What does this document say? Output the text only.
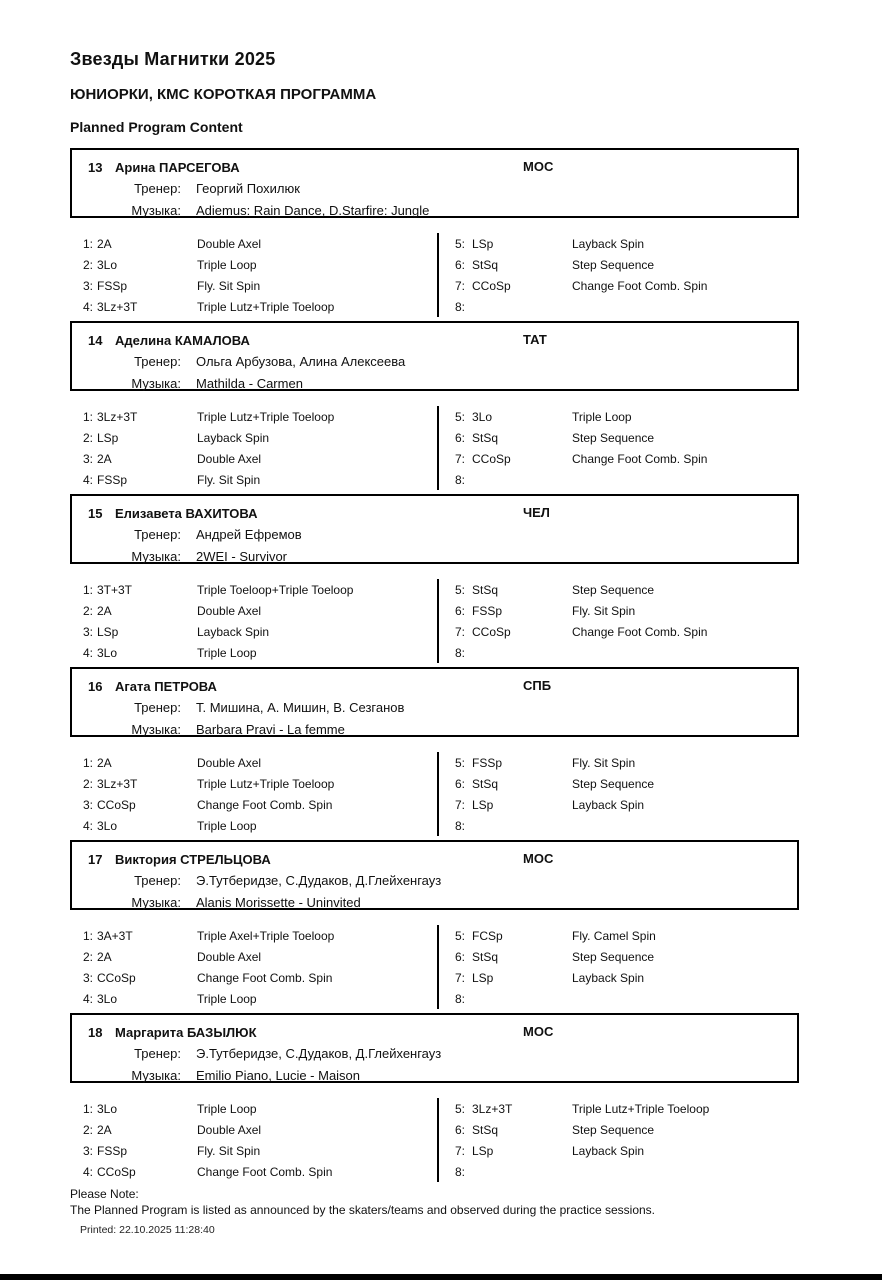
Звезды Магнитки 2025
ЮНИОРКИ, КМС КОРОТКАЯ ПРОГРАММА
Planned Program Content
13 Арина ПАРСЕГОВА	МОС
Тренер:	Георгий Похилюк
Музыка:	Adiemus: Rain Dance, D.Starfire: Jungle
1: 2A	Double Axel
2: 3Lo	Triple Loop
3: FSSp	Fly. Sit Spin
4: 3Lz+3T	Triple Lutz+Triple Toeloop
5: LSp	Layback Spin
6: StSq	Step Sequence
7: CCoSp	Change Foot Comb. Spin
8:
14 Аделина КАМАЛОВА	ТАТ
Тренер:	Ольга Арбузова, Алина Алексеева
Музыка:	Mathilda - Carmen
1: 3Lz+3T	Triple Lutz+Triple Toeloop
2: LSp	Layback Spin
3: 2A	Double Axel
4: FSSp	Fly. Sit Spin
5: 3Lo	Triple Loop
6: StSq	Step Sequence
7: CCoSp	Change Foot Comb. Spin
8:
15 Елизавета ВАХИТОВА	ЧЕЛ
Тренер:	Андрей Ефремов
Музыка:	2WEI - Survivor
1: 3T+3T	Triple Toeloop+Triple Toeloop
2: 2A	Double Axel
3: LSp	Layback Spin
4: 3Lo	Triple Loop
5: StSq	Step Sequence
6: FSSp	Fly. Sit Spin
7: CCoSp	Change Foot Comb. Spin
8:
16 Агата ПЕТРОВА	СПБ
Тренер:	Т. Мишина, А. Мишин, В. Сезганов
Музыка:	Barbara Pravi - La femme
1: 2A	Double Axel
2: 3Lz+3T	Triple Lutz+Triple Toeloop
3: CCoSp	Change Foot Comb. Spin
4: 3Lo	Triple Loop
5: FSSp	Fly. Sit Spin
6: StSq	Step Sequence
7: LSp	Layback Spin
8:
17 Виктория СТРЕЛЬЦОВА	МОС
Тренер:	Э.Тутберидзе, С.Дудаков, Д.Глейхенгауз
Музыка:	Alanis Morissette - Uninvited
1: 3A+3T	Triple Axel+Triple Toeloop
2: 2A	Double Axel
3: CCoSp	Change Foot Comb. Spin
4: 3Lo	Triple Loop
5: FCSp	Fly. Camel Spin
6: StSq	Step Sequence
7: LSp	Layback Spin
8:
18 Маргарита БАЗЫЛЮК	МОС
Тренер:	Э.Тутберидзе, С.Дудаков, Д.Глейхенгауз
Музыка:	Emilio Piano, Lucie - Maison
1: 3Lo	Triple Loop
2: 2A	Double Axel
3: FSSp	Fly. Sit Spin
4: CCoSp	Change Foot Comb. Spin
5: 3Lz+3T	Triple Lutz+Triple Toeloop
6: StSq	Step Sequence
7: LSp	Layback Spin
8:
Please Note:
The Planned Program is listed as announced by the skaters/teams and observed during the practice sessions.
Printed: 22.10.2025 11:28:40
